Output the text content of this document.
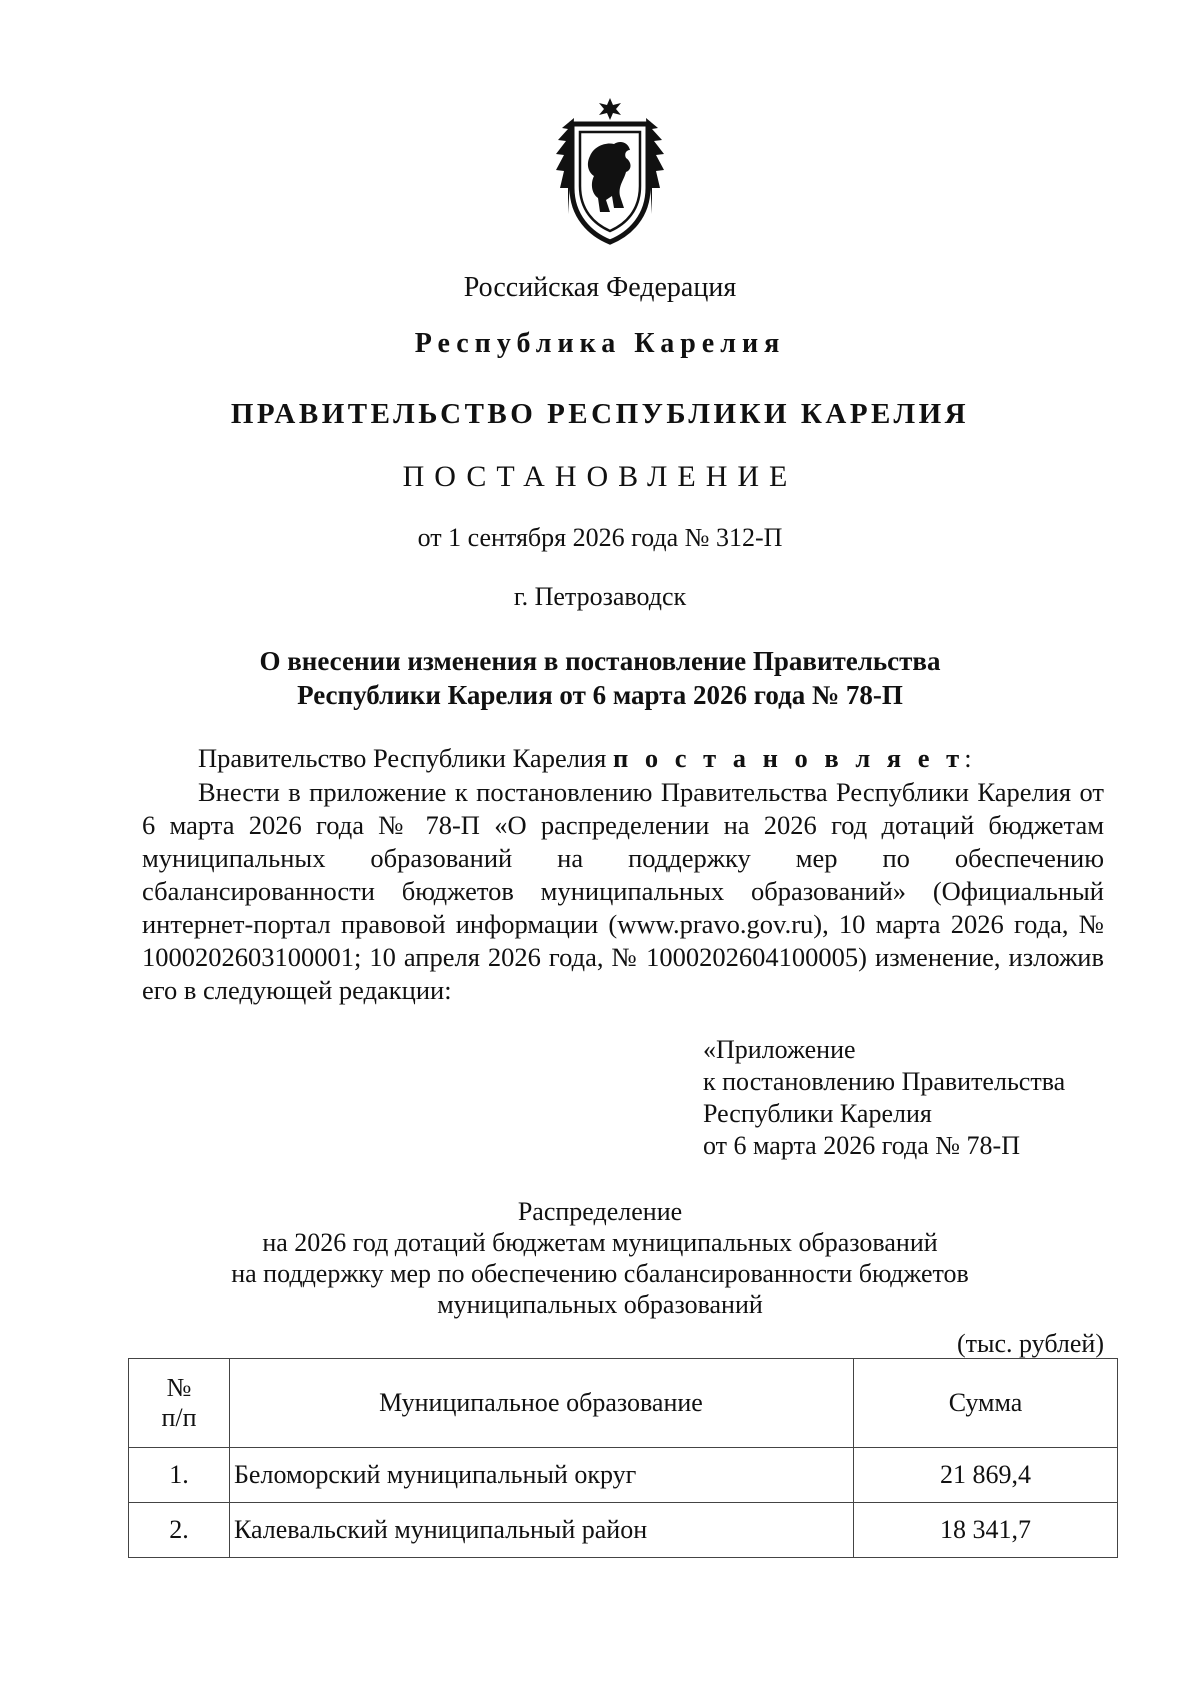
Российская Федерация
Республика Карелия
ПРАВИТЕЛЬСТВО РЕСПУБЛИКИ КАРЕЛИЯ
ПОСТАНОВЛЕНИЕ
от 1 сентября 2026 года № 312-П
г. Петрозаводск
О внесении изменения в постановление Правительства
Республики Карелия от 6 марта 2026 года № 78-П
Правительство Республики Карелия п о с т а н о в л я е т:
Внести в приложение к постановлению Правительства Республики Карелия от 6 марта 2026 года № 78-П «О распределении на 2026 год дотаций бюджетам муниципальных образований на поддержку мер по обеспечению сбалансированности бюджетов муниципальных образований» (Официальный интернет-портал правовой информации (www.pravo.gov.ru), 10 марта 2026 года, № 1000202603100001; 10 апреля 2026 года, № 1000202604100005) изменение, изложив его в следующей редакции:
«Приложение
к постановлению Правительства
Республики Карелия
от 6 марта 2026 года № 78-П
Распределение
на 2026 год дотаций бюджетам муниципальных образований
на поддержку мер по обеспечению сбалансированности бюджетов
муниципальных образований
(тыс. рублей)
№
п/п	Муниципальное образование	Сумма
1.	Беломорский муниципальный округ	21 869,4
2.	Калевальский муниципальный район	18 341,7
